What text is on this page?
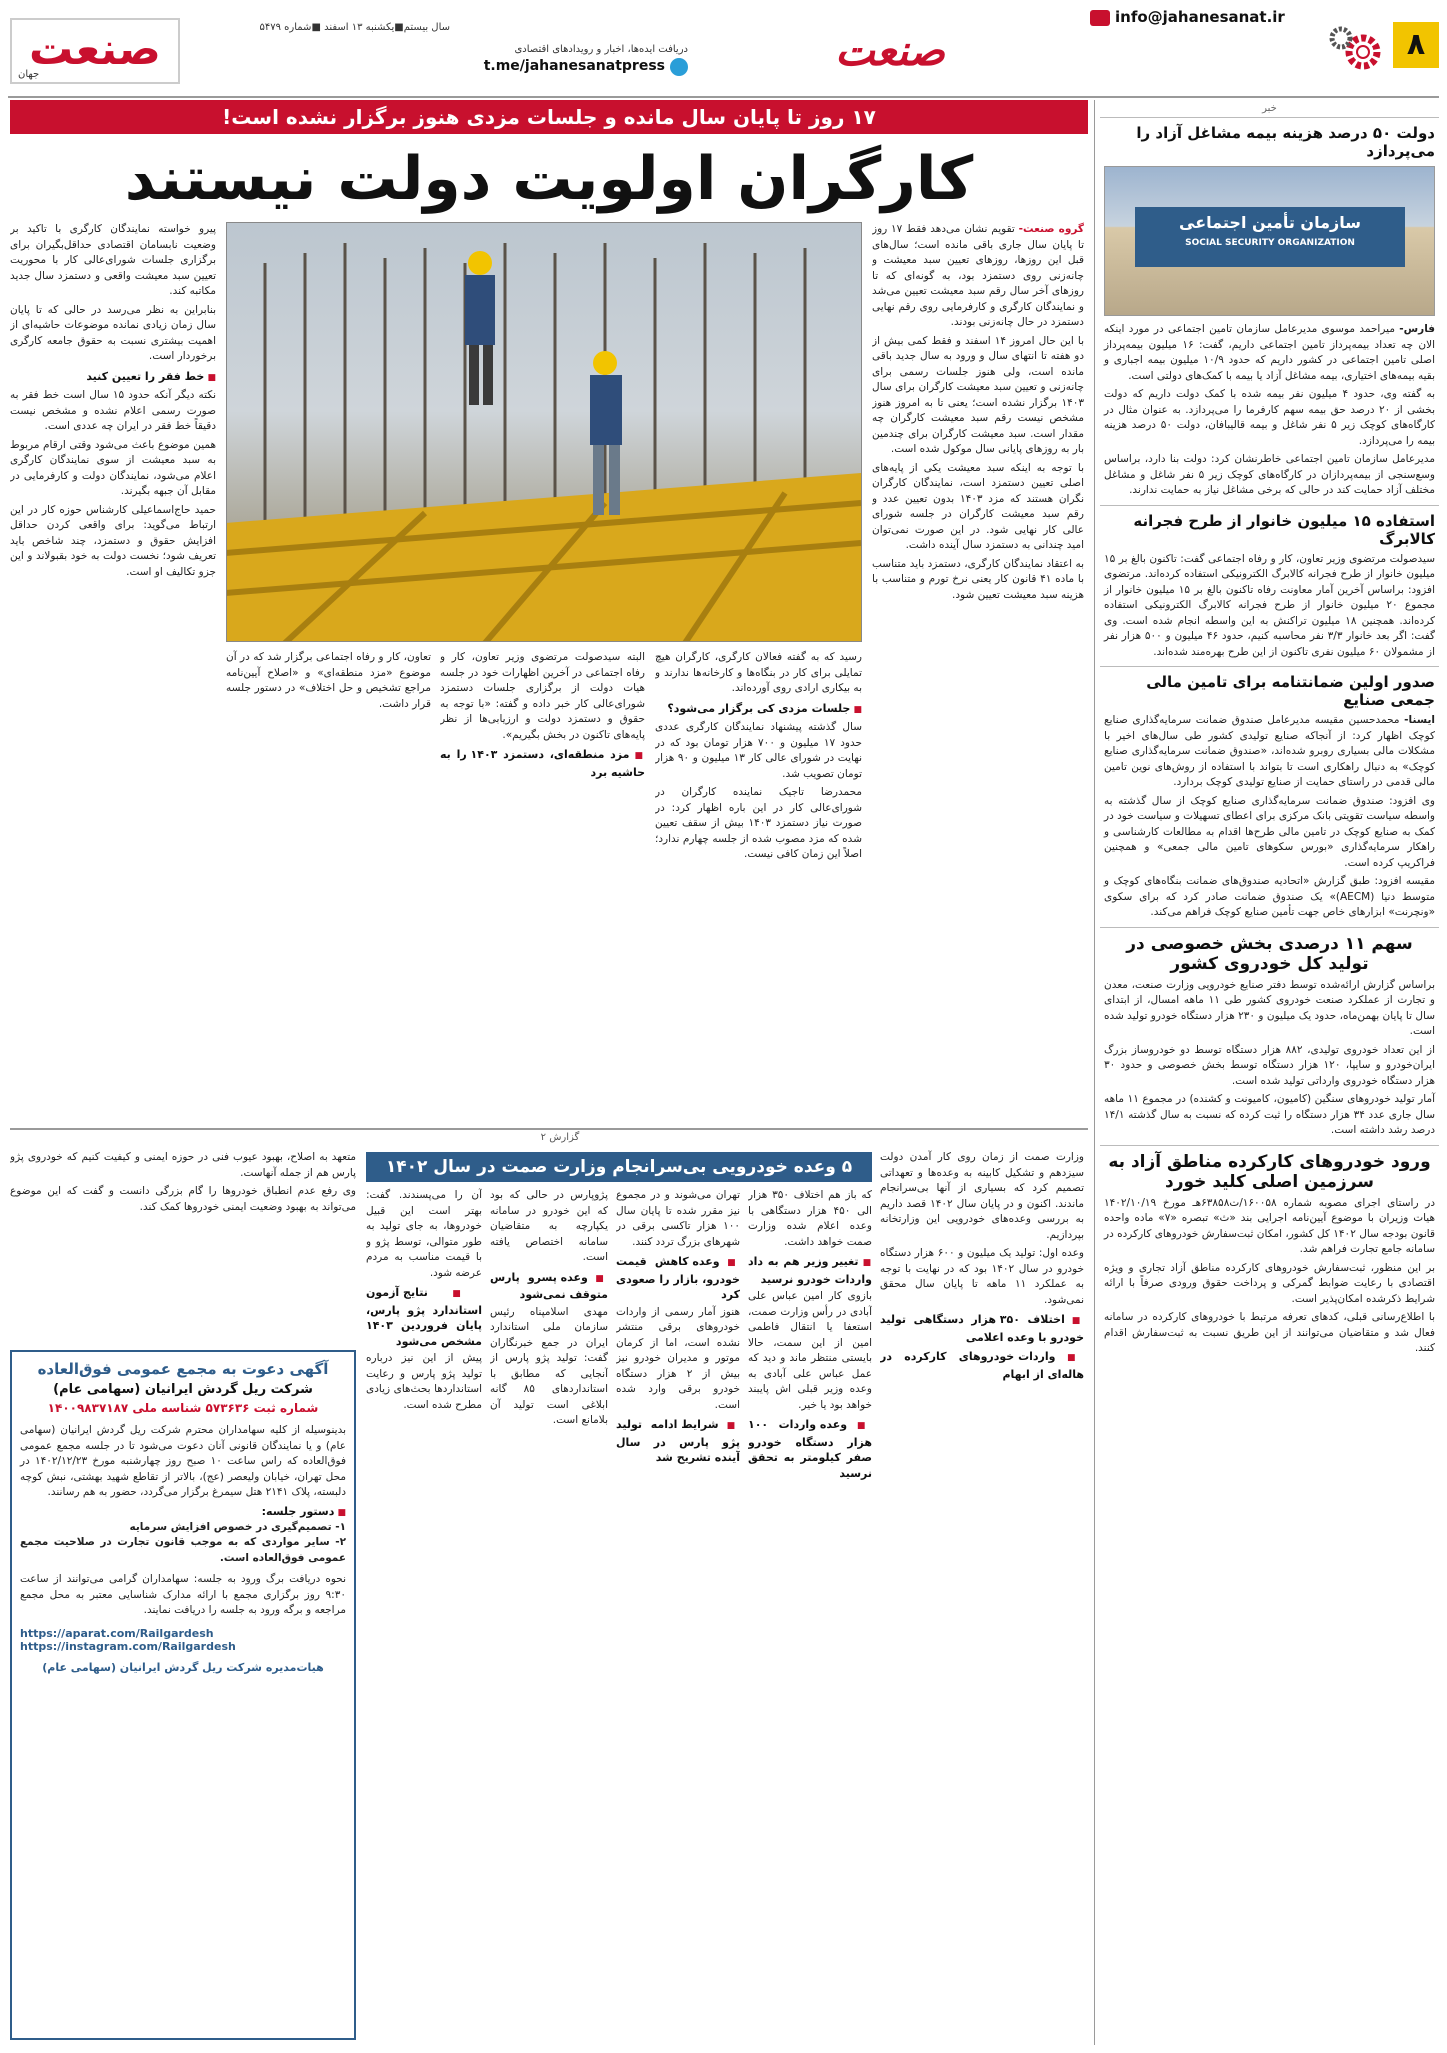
۸
info@jahanesanat.ir
صنعت
دریافت ایده‌ها، اخبار و رویدادهای اقتصادی
t.me/jahanesanatpress
سال بیستم■یکشنبه ۱۳ اسفند ■شماره ۵۴۷۹
صنعت
جهان
خبر
دولت ۵۰ درصد هزینه بیمه مشاغل آزاد را می‌پردازد
سازمان تأمین اجتماعی
SOCIAL SECURITY ORGANIZATION

فارس- میراحمد موسوی مدیرعامل سازمان تامین اجتماعی در مورد اینکه الان چه تعداد بیمه‌پرداز تامین اجتماعی داریم، گفت: ۱۶ میلیون بیمه‌پرداز اصلی تامین اجتماعی در کشور داریم که حدود ۱۰/۹ میلیون بیمه اجباری و بقیه بیمه‌های اختیاری، بیمه مشاغل آزاد یا بیمه با کمک‌های دولتی است.

به گفته وی، حدود ۴ میلیون نفر بیمه شده با کمک دولت داریم که دولت بخشی از ۲۰ درصد حق بیمه سهم کارفرما را می‌پردازد. به عنوان مثال در کارگاه‌های کوچک زیر ۵ نفر شاغل و بیمه قالیبافان، دولت ۵۰ درصد هزینه بیمه را می‌پردازد.

مدیرعامل سازمان تامین اجتماعی خاطرنشان کرد: دولت بنا دارد، براساس وسع‌سنجی از بیمه‌پردازان در کارگاه‌های کوچک زیر ۵ نفر شاغل و مشاغل مختلف آزاد حمایت کند در حالی که برخی مشاغل نیاز به حمایت ندارند.

استفاده ۱۵ میلیون خانوار از طرح فجرانه کالابرگ
سیدصولت مرتضوی وزیر تعاون، کار و رفاه اجتماعی گفت: تاکنون بالغ بر ۱۵ میلیون خانوار از طرح فجرانه کالابرگ الکترونیکی استفاده کرده‌اند. مرتضوی افزود: براساس آخرین آمار معاونت رفاه تاکنون بالغ بر ۱۵ میلیون خانوار از مجموع ۲۰ میلیون خانوار از طرح فجرانه کالابرگ الکترونیکی استفاده کرده‌اند. همچنین ۱۸ میلیون تراکنش به این واسطه انجام شده است. وی گفت: اگر بعد خانوار ۳/۳ نفر محاسبه کنیم، حدود ۴۶ میلیون و ۵۰۰ هزار نفر از مشمولان ۶۰ میلیون نفری تاکنون از این طرح بهره‌مند شده‌اند.
صدور اولین ضمانتنامه برای تامین مالی جمعی صنایع

ایسنا- محمدحسین مقیسه مدیرعامل صندوق ضمانت سرمایه‌گذاری صنایع کوچک اظهار کرد: از آنجاکه صنایع تولیدی کشور طی سال‌های اخیر با مشکلات مالی بسیاری روبرو شده‌اند، «صندوق ضمانت سرمایه‌گذاری صنایع کوچک» به دنبال راهکاری است تا بتواند با استفاده از روش‌های نوین تامین مالی قدمی در راستای حمایت از صنایع تولیدی کوچک بردارد.

وی افزود: صندوق ضمانت سرمایه‌گذاری صنایع کوچک از سال گذشته به واسطه سیاست تقویتی بانک مرکزی برای اعطای تسهیلات و سیاست خود در کمک به صنایع کوچک در تامین مالی طرح‌ها اقدام به مطالعات کارشناسی و راهکار سرمایه‌گذاری «بورس سکوهای تامین مالی جمعی» و همچنین فراکریپ کرده است.

مقیسه افزود: طبق گزارش «اتحادیه صندوق‌های ضمانت بنگاه‌های کوچک و متوسط دنیا (AECM)» یک صندوق ضمانت صادر کرد که برای سکوی «ونچرنت» ابزارهای خاص جهت تأمین صنایع کوچک فراهم می‌کند.

سهم ۱۱ درصدی بخش خصوصی در تولید کل خودروی کشور

براساس گزارش ارائه‌شده توسط دفتر صنایع خودرویی وزارت صنعت، معدن و تجارت از عملکرد صنعت خودروی کشور طی ۱۱ ماهه امسال، از ابتدای سال تا پایان بهمن‌ماه، حدود یک میلیون و ۲۳۰ هزار دستگاه خودرو تولید شده است.

از این تعداد خودروی تولیدی، ۸۸۲ هزار دستگاه توسط دو خودروساز بزرگ ایران‌خودرو و سایپا، ۱۲۰ هزار دستگاه توسط بخش خصوصی و حدود ۳۰ هزار دستگاه خودروی وارداتی تولید شده است.

آمار تولید خودروهای سنگین (کامیون، کامیونت و کشنده) در مجموع ۱۱ ماهه سال جاری عدد ۳۴ هزار دستگاه را ثبت کرده که نسبت به سال گذشته ۱۴/۱ درصد رشد داشته است.

ورود خودروهای کارکرده مناطق آزاد به سرزمین اصلی کلید خورد

در راستای اجرای مصوبه شماره ۱۶۰۰۵۸/ت۶۳۸۵۸هـ مورخ ۱۴۰۲/۱۰/۱۹ هیات وزیران با موضوع آیین‌نامه اجرایی بند «ث» تبصره «۷» ماده واحده قانون بودجه سال ۱۴۰۲ کل کشور، امکان ثبت‌سفارش خودروهای کارکرده در سامانه جامع تجارت فراهم شد.

بر این منظور، ثبت‌سفارش خودروهای کارکرده مناطق آزاد تجاری و ویژه اقتصادی با رعایت ضوابط گمرکی و پرداخت حقوق ورودی صرفاً با ارائه شرایط ذکرشده امکان‌پذیر است.

با اطلاع‌رسانی قبلی، کدهای تعرفه مرتبط با خودروهای کارکرده در سامانه فعال شد و متقاضیان می‌توانند از این طریق نسبت به ثبت‌سفارش اقدام کنند.

۱۷ روز تا پایان سال مانده و جلسات مزدی هنوز برگزار نشده است!
کارگران اولویت دولت نیستند

گروه صنعت- تقویم نشان می‌دهد فقط ۱۷ روز تا پایان سال جاری باقی مانده است؛ سال‌های قبل این روزها، روزهای تعیین سبد معیشت و چانه‌زنی روی دستمزد بود، به گونه‌ای که تا روزهای آخر سال رقم سبد معیشت تعیین می‌شد و نمایندگان کارگری و کارفرمایی روی رقم نهایی دستمزد در حال چانه‌زنی بودند.

با این حال امروز ۱۴ اسفند و فقط کمی بیش از دو هفته تا انتهای سال و ورود به سال جدید باقی مانده است، ولی هنوز جلسات رسمی برای چانه‌زنی و تعیین سبد معیشت کارگران برای سال ۱۴۰۳ برگزار نشده است؛ یعنی تا به امروز هنوز مشخص نیست رقم سبد معیشت کارگران چه مقدار است. سبد معیشت کارگران برای چندمین بار به روزهای پایانی سال موکول شده است.

با توجه به اینکه سبد معیشت یکی از پایه‌های اصلی تعیین دستمزد است، نمایندگان کارگران نگران هستند که مزد ۱۴۰۳ بدون تعیین عدد و رقم سبد معیشت کارگران در جلسه شورای عالی کار نهایی شود. در این صورت نمی‌توان امید چندانی به دستمزد سال آینده داشت.

به اعتقاد نمایندگان کارگری، دستمزد باید متناسب با ماده ۴۱ قانون کار یعنی نرخ تورم و متناسب با هزینه سبد معیشت تعیین شود.

رسید که به گفته فعالان کارگری، کارگران هیچ تمایلی برای کار در بنگاه‌ها و کارخانه‌ها ندارند و به بیکاری ارادی روی آورده‌اند.

■ جلسات مزدی کی برگزار می‌شود؟

سال گذشته پیشنهاد نمایندگان کارگری عددی حدود ۱۷ میلیون و ۷۰۰ هزار تومان بود که در نهایت در شورای عالی کار ۱۳ میلیون و ۹۰ هزار تومان تصویب شد.

محمدرضا تاجیک نماینده کارگران در شورای‌عالی کار در این باره اظهار کرد: در صورت نیاز دستمزد ۱۴۰۳ بیش از سقف تعیین شده که مزد مصوب شده از جلسه چهارم ندارد؛ اصلاً این زمان کافی نیست.

البته سیدصولت مرتضوی وزیر تعاون، کار و رفاه اجتماعی در آخرین اظهارات خود در جلسه هیات دولت از برگزاری جلسات دستمزد شورای‌عالی کار خبر داده و گفته: «با توجه به حقوق و دستمزد دولت و ارزیابی‌ها از نظر پایه‌های تاکنون در بخش بگیریم».

■ مزد منطقه‌ای، دستمزد ۱۴۰۳ را به حاشیه برد

تعاون، کار و رفاه اجتماعی برگزار شد که در آن موضوع «مزد منطقه‌ای» و «اصلاح آیین‌نامه مراجع تشخیص و حل اختلاف» در دستور جلسه قرار داشت.

پیرو خواسته نمایندگان کارگری با تاکید بر وضعیت نابسامان اقتصادی حداقل‌بگیران برای برگزاری جلسات شورای‌عالی کار با محوریت تعیین سبد معیشت واقعی و دستمزد سال جدید مکاتبه کند.

بنابراین به نظر می‌رسد در حالی که تا پایان سال زمان زیادی نمانده موضوعات حاشیه‌ای از اهمیت بیشتری نسبت به حقوق جامعه کارگری برخوردار است.

■ خط فقر را تعیین کنید

نکته دیگر آنکه حدود ۱۵ سال است خط فقر به صورت رسمی اعلام نشده و مشخص نیست دقیقاً خط فقر در ایران چه عددی است.

همین موضوع باعث می‌شود وقتی ارقام مربوط به سبد معیشت از سوی نمایندگان کارگری اعلام می‌شود، نمایندگان دولت و کارفرمایی در مقابل آن جبهه بگیرند.

حمید حاج‌اسماعیلی کارشناس حوزه کار در این ارتباط می‌گوید: برای واقعی کردن حداقل افزایش حقوق و دستمزد، چند شاخص باید تعریف شود؛ نخست دولت به خود بقبولاند و این جزو تکالیف او است.

گزارش ۲

وزارت صمت از زمان روی کار آمدن دولت سیزدهم و تشکیل کابینه به وعده‌ها و تعهداتی تصمیم کرد که بسیاری از آنها بی‌سرانجام ماندند. اکنون و در پایان سال ۱۴۰۲ قصد داریم به بررسی وعده‌های خودرویی این وزارتخانه بپردازیم.

وعده اول: تولید یک میلیون و ۶۰۰ هزار دستگاه خودرو در سال ۱۴۰۲ بود که در نهایت با توجه به عملکرد ۱۱ ماهه تا پایان سال محقق نمی‌شود.

■ اختلاف ۳۵۰ هزار دستگاهی تولید خودرو با وعده اعلامی
■ واردات خودروهای کارکرده در هاله‌ای از ابهام
۵ وعده خودرویی بی‌سرانجام وزارت صمت در سال ۱۴۰۲

که باز هم اختلاف ۳۵۰ هزار الی ۴۵۰ هزار دستگاهی با وعده اعلام شده وزارت صمت خواهد داشت.

■ تغییر وزیر هم به داد واردات خودرو نرسید

بازوی کار امین عباس علی آبادی در رأس وزارت صمت، استعفا یا انتقال فاطمی امین از این سمت، حالا بایستی منتظر ماند و دید که عمل عباس علی آبادی به وعده وزیر قبلی اش پایبند خواهد بود یا خیر.

■ وعده واردات ۱۰۰ هزار دستگاه خودرو صفر کیلومتر به تحقق نرسید

تهران می‌شوند و در مجموع نیز مقرر شده تا پایان سال ۱۰۰ هزار تاکسی برقی در شهرهای بزرگ تردد کنند.

■ وعده کاهش قیمت خودرو، بازار را صعودی کرد

هنوز آمار رسمی از واردات خودروهای برقی منتشر نشده است، اما از کرمان موتور و مدیران خودرو نیز بیش از ۲ هزار دستگاه خودرو برقی وارد شده است.

■ شرایط ادامه تولید پژو پارس در سال آینده تشریح شد

پژوپارس در حالی که بود که این خودرو در سامانه یکپارچه به متقاضیان سامانه اختصاص یافته است.

■ وعده پسرو پارس متوقف نمی‌شود

مهدی اسلامپناه رئیس سازمان ملی استاندارد ایران در جمع خبرنگاران گفت: تولید پژو پارس از آنجایی که مطابق با استانداردهای ۸۵ گانه ابلاغی است تولید آن بلامانع است.

آن را می‌پسندند. گفت: بهتر است این قبیل خودروها، به جای تولید به طور متوالی، توسط پژو و با قیمت مناسب به مردم عرضه شود.

■ نتایج آزمون استاندارد پژو پارس، پایان فروردین ۱۴۰۳ مشخص می‌شود

پیش از این نیز درباره تولید پژو پارس و رعایت استانداردها بحث‌های زیادی مطرح شده است.

متعهد به اصلاح، بهبود عیوب فنی در حوزه ایمنی و کیفیت کنیم که خودروی پژو پارس هم از جمله آنهاست.

وی رفع عدم انطباق خودروها را گام بزرگی دانست و گفت که این موضوع می‌تواند به بهبود وضعیت ایمنی خودروها کمک کند.

آگهی دعوت به مجمع عمومی فوق‌العاده
شرکت ریل گردش ایرانیان (سهامی عام)
شماره ثبت ۵۷۳۶۳۶ شناسه ملی ۱۴۰۰۹۸۳۷۱۸۷
بدینوسیله از کلیه سهامداران محترم شرکت ریل گردش ایرانیان (سهامی عام) و یا نمایندگان قانونی آنان دعوت می‌شود تا در جلسه مجمع عمومی فوق‌العاده که راس ساعت ۱۰ صبح روز چهارشنبه مورخ ۱۴۰۲/۱۲/۲۳ در محل تهران، خیابان ولیعصر (عج)، بالاتر از تقاطع شهید بهشتی، نبش کوچه دلبسته، پلاک ۲۱۴۱ هتل سیمرغ برگزار می‌گردد، حضور به هم رسانند.
■ دستور جلسه:
۱- تصمیم‌گیری در خصوص افزایش سرمایه
۲- سایر مواردی که به موجب قانون تجارت در صلاحیت مجمع عمومی فوق‌العاده است.
نحوه دریافت برگ ورود به جلسه: سهامداران گرامی می‌توانند از ساعت ۹:۳۰ روز برگزاری مجمع با ارائه مدارک شناسایی معتبر به محل مجمع مراجعه و برگه ورود به جلسه را دریافت نمایند.
https://aparat.com/Railgardesh
https://instagram.com/Railgardesh
هیات‌مدیره شرکت ریل گردش ایرانیان (سهامی عام)
